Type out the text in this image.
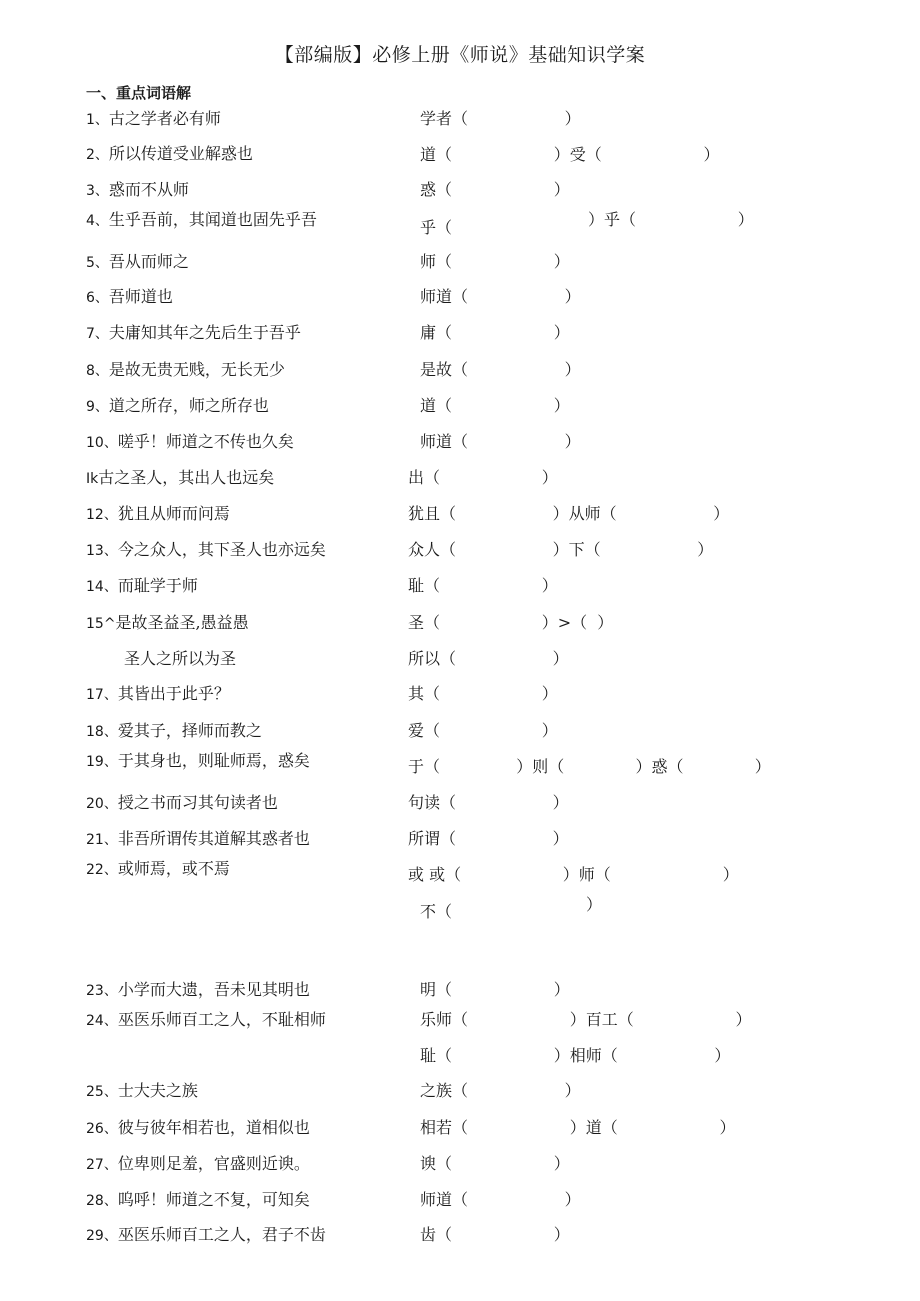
【部编版】必修上册《师说》基础知识学案
一、重点词语解
1、古之学者必有师
2、所以传道受业解惑也
3、惑而不从师
4、生乎吾前，其闻道也固先乎吾
5、吾从而师之
6、吾师道也
7、夫庸知其年之先后生于吾乎
8、是故无贵无贱，无长无少
9、道之所存，师之所存也
10、嗟乎！师道之不传也久矣
Ik古之圣人，其出人也远矣
12、犹且从师而问焉
13、今之众人，其下圣人也亦远矣
14、而耻学于师
15^是故圣益圣,愚益愚
圣人之所以为圣
17、其皆出于此乎？
18、爱其子，择师而教之
19、于其身也，则耻师焉，惑矣
20、授之书而习其句读者也
21、非吾所谓传其道解其惑者也
22、或师焉，或不焉
23、小学而大遗，吾未见其明也
24、巫医乐师百工之人，不耻相师
25、士大夫之族
26、彼与彼年相若也，道相似也
27、位卑则足羞，官盛则近谀。
28、呜呼！师道之不复，可知矣
29、巫医乐师百工之人，君子不齿
学者（                   ）
道（                    ）受（                    ）
惑（                    ）
乎（	）乎（                    ）
师（                    ）
师道（                   ）
庸（                    ）
是故（                   ）
道（                    ）
师道（                   ）
出（                    ）
犹且（                   ）从师（                   ）
众人（                   ）下（                   ）
耻（                    ）
圣（                    ）>（  ）
所以（                   ）
其（                    ）
爱（                    ）
于（               ）则（              ）惑（              ）
句读（                   ）
所谓（                   ）
或 或（                    ）师（                      ）
不（	）
明（                    ）
乐师（                    ）百工（                    ）
耻（                    ）相师（                   ）
之族（                   ）
相若（                    ）道（                    ）
谀（                    ）
师道（                   ）
齿（                    ）
